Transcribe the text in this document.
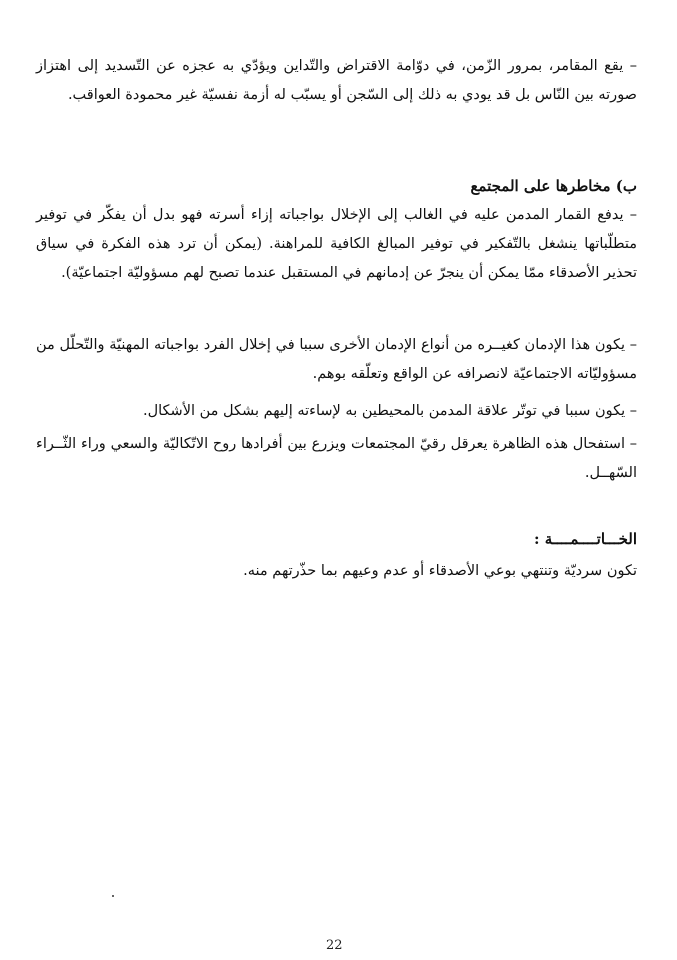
– يقع المقامر، بمرور الزّمن، في دوّامة الاقتراض والتّداين ويؤدّي به عجزه عن التّسديد إلى اهتزاز صورته بين النّاس بل قد يودي به ذلك إلى السّجن أو يسبّب له أزمة نفسيّة غير محمودة العواقب.
ب) مخاطرها على المجتمع
– يدفع القمار المدمن عليه في الغالب إلى الإخلال بواجباته إزاء أسرته فهو بدل أن يفكّر في توفير متطلّباتها ينشغل بالتّفكير في توفير المبالغ الكافية للمراهنة. (يمكن أن ترد هذه الفكرة في سياق تحذير الأصدقاء ممّا يمكن أن ينجرّ عن إدمانهم في المستقبل عندما تصبح لهم مسؤوليّة اجتماعيّة).
– يكون هذا الإدمان كغيــره من أنواع الإدمان الأخرى سببا في إخلال الفرد بواجباته المهنيّة والتّحلّل من مسؤوليّاته الاجتماعيّة لانصرافه عن الواقع وتعلّقه بوهم.
– يكون سببا في توتّر علاقة المدمن بالمحيطين به لإساءته إليهم بشكل من الأشكال.
– استفحال هذه الظاهرة يعرقل رقيّ المجتمعات ويزرع بين أفرادها روح الاتّكاليّة والسعي وراء الثّــراء السّهــل.
الخـــاتــــمــــة :
تكون سرديّة وتنتهي بوعي الأصدقاء أو عدم وعيهم بما حذّرتهم منه.
22
